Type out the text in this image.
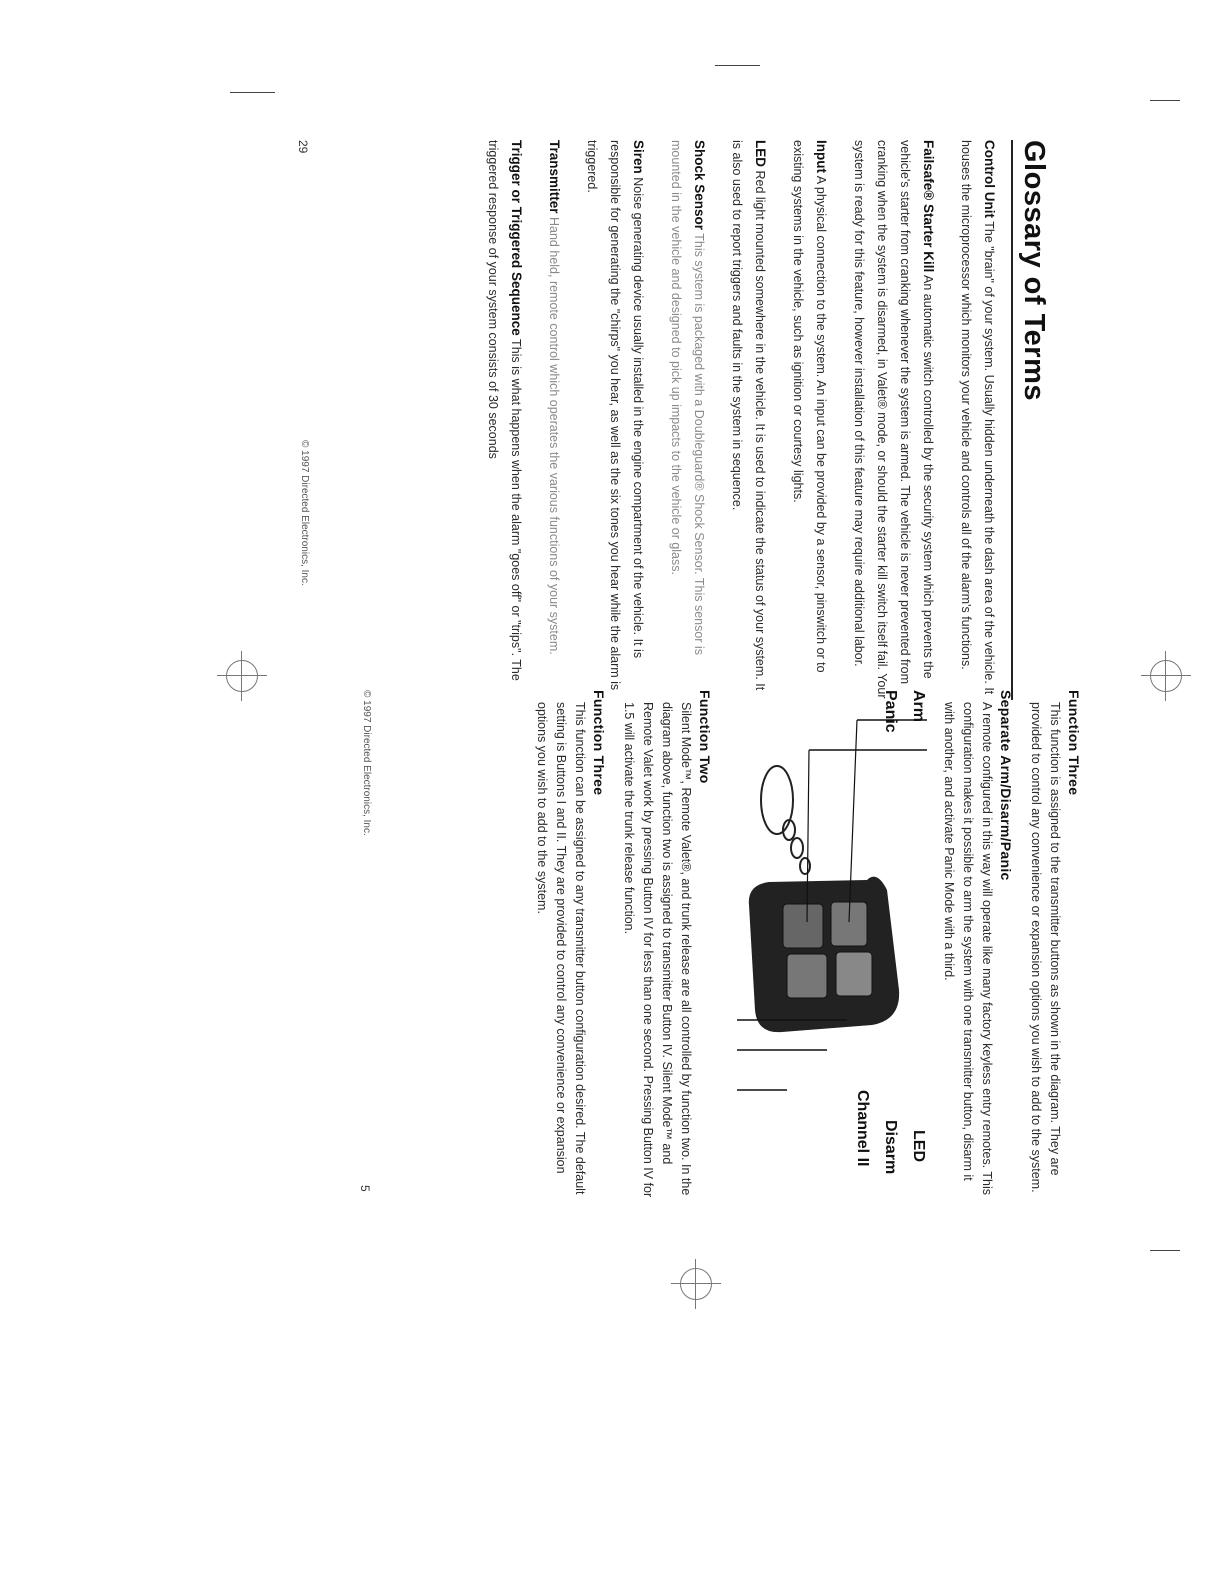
Glossary of Terms

Control Unit The "brain" of your system. Usually hidden underneath the dash area of the vehicle. It houses the microprocessor which monitors your vehicle and controls all of the alarm's functions.

Failsafe® Starter Kill An automatic switch controlled by the security system which prevents the vehicle's starter from cranking whenever the system is armed. The vehicle is never prevented from cranking when the system is disarmed, in Valet® mode, or should the starter kill switch itself fail. Your system is ready for this feature, however installation of this feature may require additional labor.

Input A physical connection to the system. An input can be provided by a sensor, pinswitch or to existing systems in the vehicle, such as ignition or courtesy lights.

LED Red light mounted somewhere in the vehicle. It is used to indicate the status of your system. It is also used to report triggers and faults in the system in sequence.

Shock Sensor This system is packaged with a Doubleguard® Shock Sensor. This sensor is mounted in the vehicle and designed to pick up impacts to the vehicle or glass.

Siren Noise generating device usually installed in the engine compartment of the vehicle. It is responsible for generating the "chirps" you hear, as well as the six tones you hear while the alarm is triggered.

Transmitter Hand held, remote control which operates the various functions of your system.

Trigger or Triggered Sequence This is what happens when the alarm "goes off" or "trips". The triggered response of your system consists of 30 seconds

© 1997 Directed Electronics, Inc.
29
Function Three

This function is assigned to the transmitter buttons as shown in the diagram. They are provided to control any convenience or expansion options you wish to add to the system.

Separate Arm/Disarm/Panic

A remote configured in this way will operate like many factory keyless entry remotes. This configuration makes it possible to arm the system with one transmitter button, disarm it with another, and activate Panic Mode with a third.

Arm
Panic
LED
Disarm
Channel II
Function Two

Silent Mode™, Remote Valet®, and trunk release are all controlled by function two. In the diagram above, function two is assigned to transmitter Button IV. Silent Mode™ and Remote Valet work by pressing Button IV for less than one second. Pressing Button IV for 1.5 will activate the trunk release function.

Function Three

This function can be assigned to any transmitter button configuration desired. The default setting is Buttons I and II. They are provided to control any convenience or expansion options you wish to add to the system.

© 1997 Directed Electronics, Inc.
5
